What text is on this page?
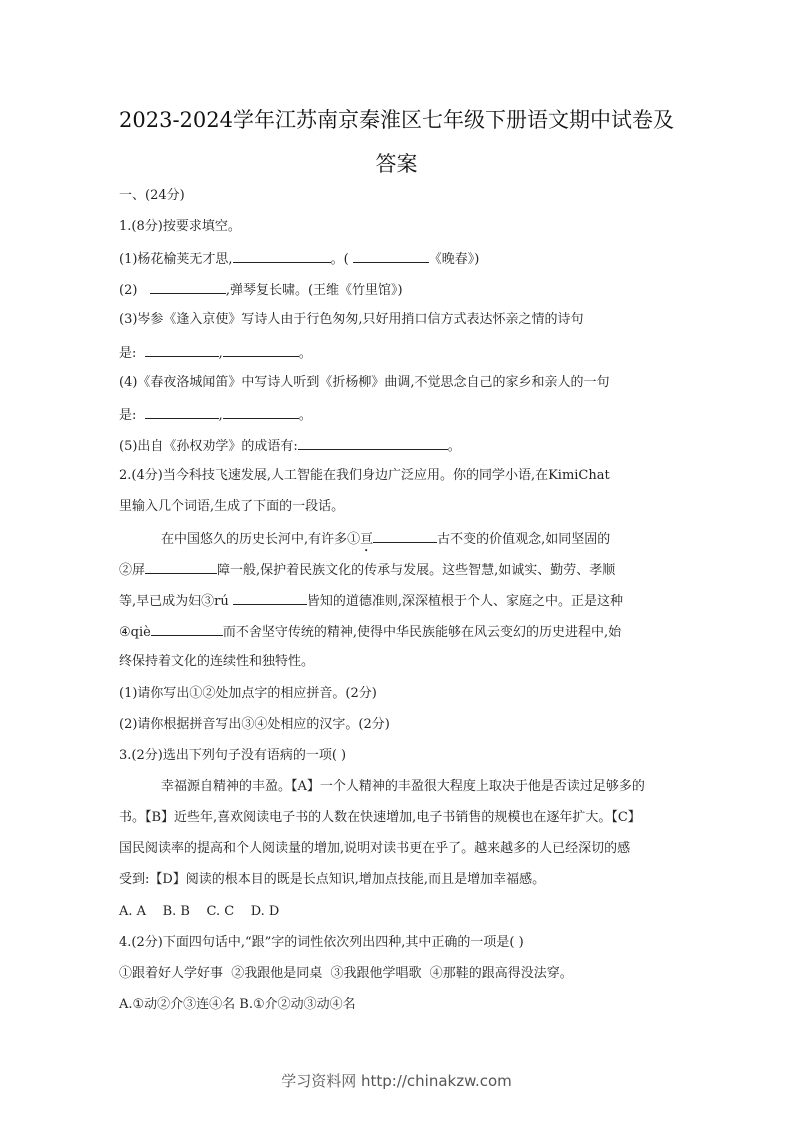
2023-2024学年江苏南京秦淮区七年级下册语文期中试卷及
答案
一、(24分)
1.(8分)按要求填空。
(1)杨花榆荚无才思,	。(	《晚春》)
(2)	,弹琴复长啸。(王维《竹里馆》)
(3)岑参《逢入京使》写诗人由于行色匆匆,只好用捎口信方式表达怀亲之情的诗句
是:	,	。
(4)《春夜洛城闻笛》中写诗人听到《折杨柳》曲调,不觉思念自己的家乡和亲人的一句
是:	,	。
(5)出自《孙权劝学》的成语有:	。
2.(4分)当今科技飞速发展,人工智能在我们身边广泛应用。你的同学小语,在KimiChat
里输入几个词语,生成了下面的一段话。
在中国悠久的历史长河中,有许多①亘	古不变的价值观念,如同坚固的
②屏	障一般,保护着民族文化的传承与发展。这些智慧,如诚实、勤劳、孝顺
等,早已成为妇③rú	皆知的道德准则,深深植根于个人、家庭之中。正是这种
④qiè	而不舍坚守传统的精神,使得中华民族能够在风云变幻的历史进程中,始
终保持着文化的连续性和独特性。
(1)请你写出①②处加点字的相应拼音。(2分)
(2)请你根据拼音写出③④处相应的汉字。(2分)
3.(2分)选出下列句子没有语病的一项( )
幸福源自精神的丰盈。【A】一个人精神的丰盈很大程度上取决于他是否读过足够多的
书。【B】近些年,喜欢阅读电子书的人数在快速增加,电子书销售的规模也在逐年扩大。【C】
国民阅读率的提高和个人阅读量的增加,说明对读书更在乎了。越来越多的人已经深切的感
受到:【D】阅读的根本目的既是长点知识,增加点技能,而且是增加幸福感。
A. A    B. B    C. C    D. D
4.(2分)下面四句话中,“跟”字的词性依次列出四种,其中正确的一项是( )
①跟着好人学好事  ②我跟他是同桌  ③我跟他学唱歌  ④那鞋的跟高得没法穿。
A.①动②介③连④名 B.①介②动③动④名
学习资料网 http://chinakzw.com
